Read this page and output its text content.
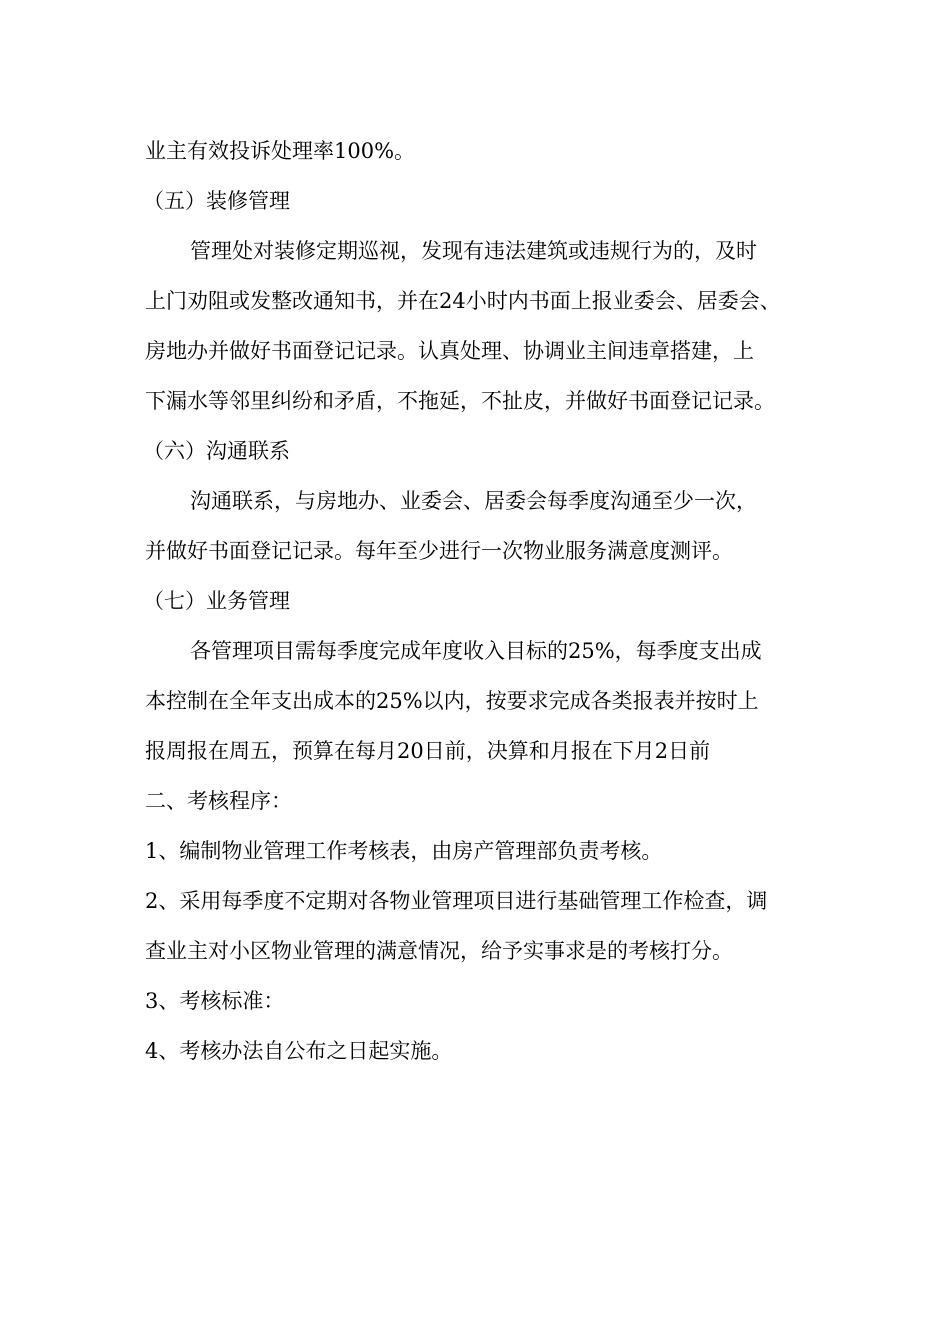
业主有效投诉处理率100%。
（五）装修管理
管理处对装修定期巡视，发现有违法建筑或违规行为的，及时
上门劝阻或发整改通知书，并在24小时内书面上报业委会、居委会、
房地办并做好书面登记记录。认真处理、协调业主间违章搭建，上
下漏水等邻里纠纷和矛盾，不拖延，不扯皮，并做好书面登记记录。
（六）沟通联系
沟通联系，与房地办、业委会、居委会每季度沟通至少一次，
并做好书面登记记录。每年至少进行一次物业服务满意度测评。
（七）业务管理
各管理项目需每季度完成年度收入目标的25%，每季度支出成
本控制在全年支出成本的25%以内，按要求完成各类报表并按时上
报周报在周五，预算在每月20日前，决算和月报在下月2日前
二、考核程序：
1、编制物业管理工作考核表，由房产管理部负责考核。
2、采用每季度不定期对各物业管理项目进行基础管理工作检查，调
查业主对小区物业管理的满意情况，给予实事求是的考核打分。
3、考核标准：
4、考核办法自公布之日起实施。
